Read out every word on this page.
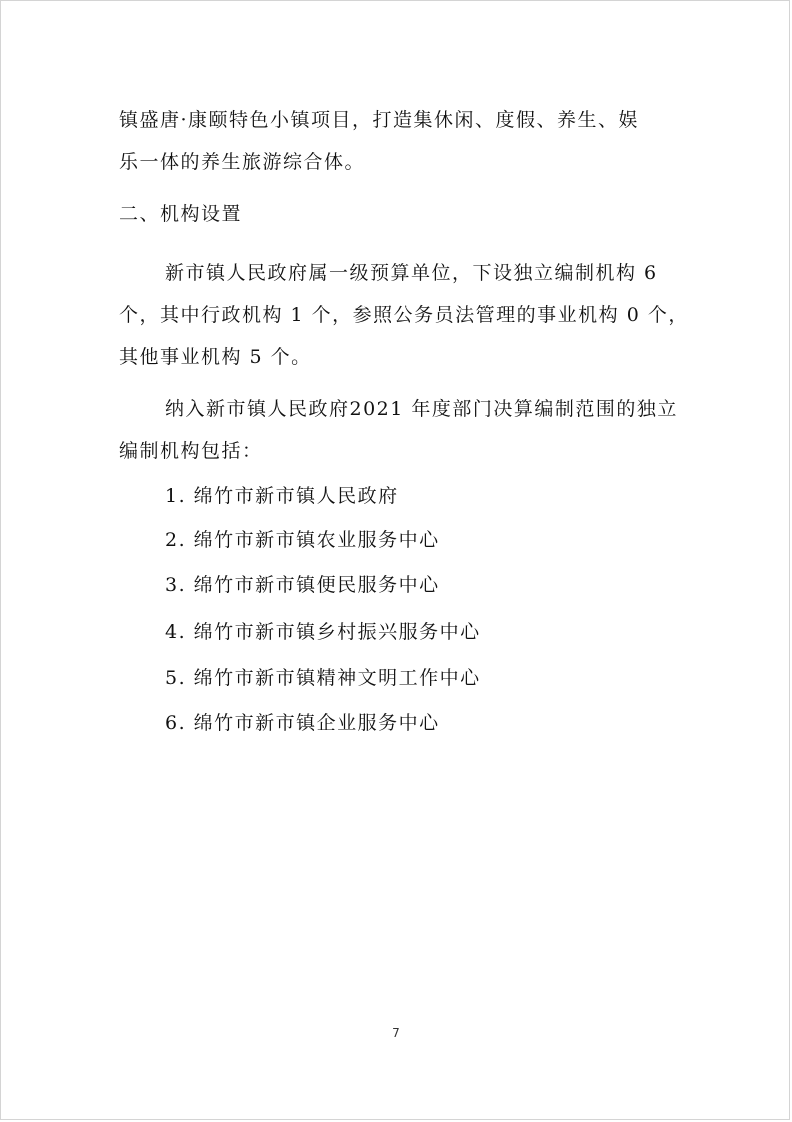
镇盛唐·康颐特色小镇项目，打造集休闲、度假、养生、娱
乐一体的养生旅游综合体。
二、机构设置
新市镇人民政府属一级预算单位，下设独立编制机构 6
个，其中行政机构 1 个，参照公务员法管理的事业机构 0 个，
其他事业机构 5 个。
纳入新市镇人民政府2021 年度部门决算编制范围的独立
编制机构包括：
1. 绵竹市新市镇人民政府
2. 绵竹市新市镇农业服务中心
3. 绵竹市新市镇便民服务中心
4. 绵竹市新市镇乡村振兴服务中心
5. 绵竹市新市镇精神文明工作中心
6. 绵竹市新市镇企业服务中心
7
